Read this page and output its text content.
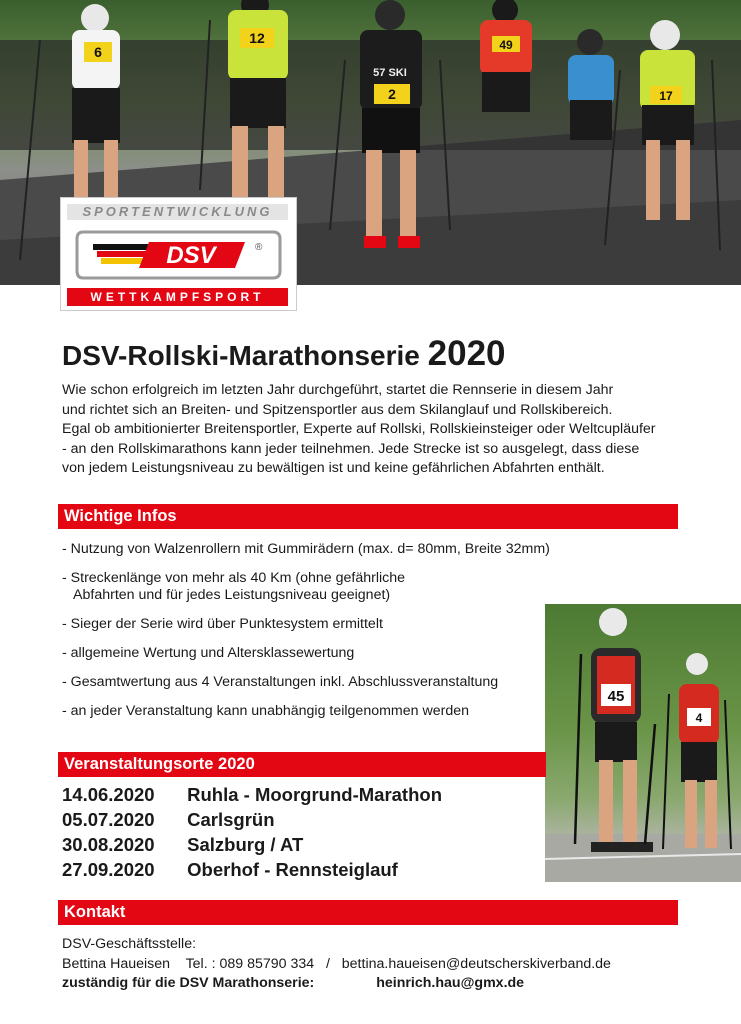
6
12
2
49
17
57 SKI
SPORTENTWICKLUNG
DSV	®
WETTKAMPFSPORT
DSV-Rollski-Marathonserie 2020
Wie schon erfolgreich im letzten Jahr durchgeführt, startet die Rennserie in diesem Jahr
und richtet sich an Breiten- und Spitzensportler aus dem Skilanglauf und Rollskibereich.
Egal ob ambitionierter Breitensportler, Experte auf Rollski, Rollskieinsteiger oder Weltcupläufer
- an den Rollskimarathons kann jeder teilnehmen. Jede Strecke ist so ausgelegt, dass diese
von jedem Leistungsniveau zu bewältigen ist und keine gefährlichen Abfahrten enthält.
Wichtige Infos
- Nutzung von Walzenrollern mit Gummirädern (max. d= 80mm, Breite 32mm)
- Streckenlänge von mehr als 40 Km (ohne gefährliche
Abfahrten und für jedes Leistungsniveau geeignet)
- Sieger der Serie wird über Punktesystem ermittelt
- allgemeine Wertung und Altersklassewertung
- Gesamtwertung aus 4 Veranstaltungen inkl. Abschlussveranstaltung
- an jeder Veranstaltung kann unabhängig teilgenommen werden
45
4
Veranstaltungsorte 2020
14.06.2020 Ruhla - Moorgrund-Marathon
05.07.2020 Carlsgrün
30.08.2020 Salzburg / AT
27.09.2020 Oberhof - Rennsteiglauf
Kontakt
DSV-Geschäftsstelle:
Bettina Haueisen Tel. : 089 85790 334 / bettina.haueisen@deutscherskiverband.de
zuständig für die DSV Marathonserie:	heinrich.hau@gmx.de
